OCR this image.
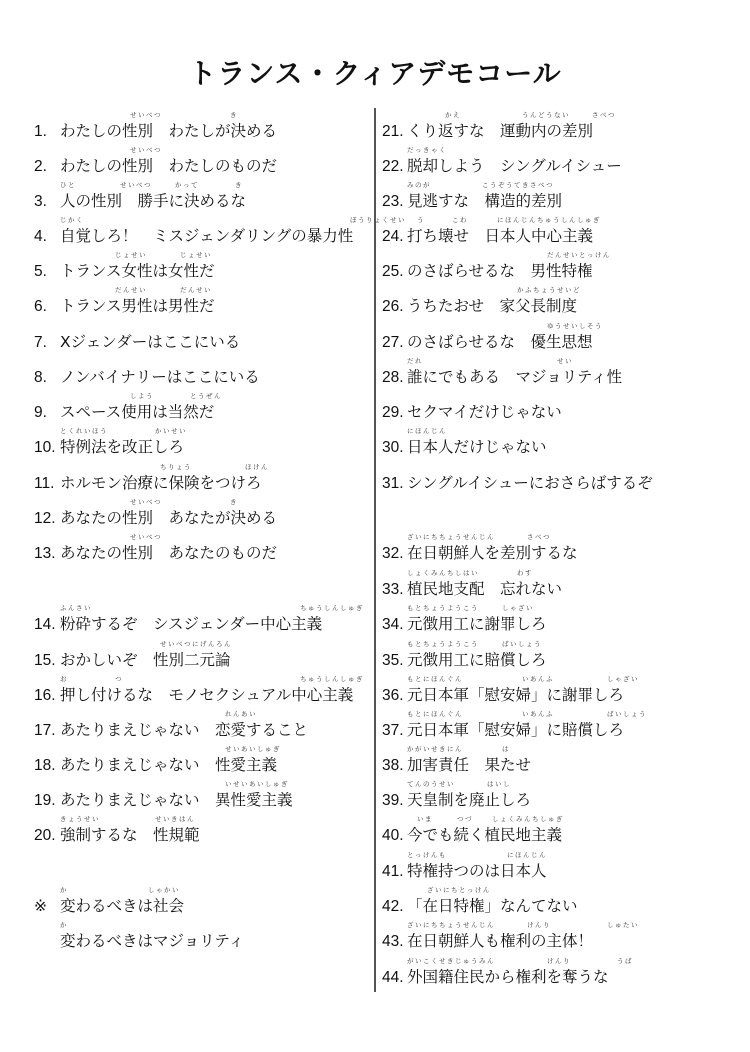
トランス・クィアデモコール
1. わたしの性別　わたしが決める
せいべつ	き
2. わたしの性別　わたしのものだ
せいべつ
3. 人の性別　勝手に決めるな
ひと	せいべつ	かって	き
4. 自覚しろ！　ミスジェンダリングの暴力性
じかく	ぼうりょくせい
5. トランス女性は女性だ
じょせい	じょせい
6. トランス男性は男性だ
だんせい	だんせい
7. Xジェンダーはここにいる
8. ノンバイナリーはここにいる
9. スペース使用は当然だ
しよう	とうぜん
10. 特例法を改正しろ
とくれいほう	かいせい
11. ホルモン治療に保険をつけろ
ちりょう	ほけん
12. あなたの性別　あなたが決める
せいべつ	き
13. あなたの性別　あなたのものだ
せいべつ
14. 粉砕するぞ　シスジェンダー中心主義
ふんさい	ちゅうしんしゅぎ
15. おかしいぞ　性別二元論
せいべつにげんろん
16. 押し付けるな　モノセクシュアル中心主義
お	つ	ちゅうしんしゅぎ
17. あたりまえじゃない　恋愛すること
れんあい
18. あたりまえじゃない　性愛主義
せいあいしゅぎ
19. あたりまえじゃない　異性愛主義
いせいあいしゅぎ
20. 強制するな　性規範
きょうせい	せいきはん
21. くり返すな　運動内の差別
かえ	うんどうない	さべつ
22. 脱却しよう　シングルイシュー
だっきゃく
23. 見逃すな　構造的差別
みのが	こうぞうてきさべつ
24. 打ち壊せ　日本人中心主義
う	こわ	にほんじんちゅうしんしゅぎ
25. のさばらせるな　男性特権
だんせいとっけん
26. うちたおせ　家父長制度
かふちょうせいど
27. のさばらせるな　優生思想
ゆうせいしそう
28. 誰にでもある　マジョリティ性
だれ	せい
29. セクマイだけじゃない
30. 日本人だけじゃない
にほんじん
31. シングルイシューにおさらばするぞ
32. 在日朝鮮人を差別するな
ざいにちちょうせんじん	さべつ
33. 植民地支配　忘れない
しょくみんちしはい	わす
34. 元徴用工に謝罪しろ
もとちょうようこう	しゃざい
35. 元徴用工に賠償しろ
もとちょうようこう	ばいしょう
36. 元日本軍「慰安婦」に謝罪しろ
もとにほんぐん	いあんふ	しゃざい
37. 元日本軍「慰安婦」に賠償しろ
もとにほんぐん	いあんふ	ばいしょう
38. 加害責任　果たせ
かがいせきにん	は
39. 天皇制を廃止しろ
てんのうせい	はいし
40. 今でも続く植民地主義
いま	つづ	しょくみんちしゅぎ
41. 特権持つのは日本人
とっけんも	にほんじん
42. 「在日特権」なんてない
ざいにちとっけん
43. 在日朝鮮人も権利の主体！
ざいにちちょうせんじん	けんり	しゅたい
44. 外国籍住民から権利を奪うな
がいこくせきじゅうみん	けんり	うば
※ 変わるべきは社会
変わるべきはマジョリティ
か	しゃかい
か
